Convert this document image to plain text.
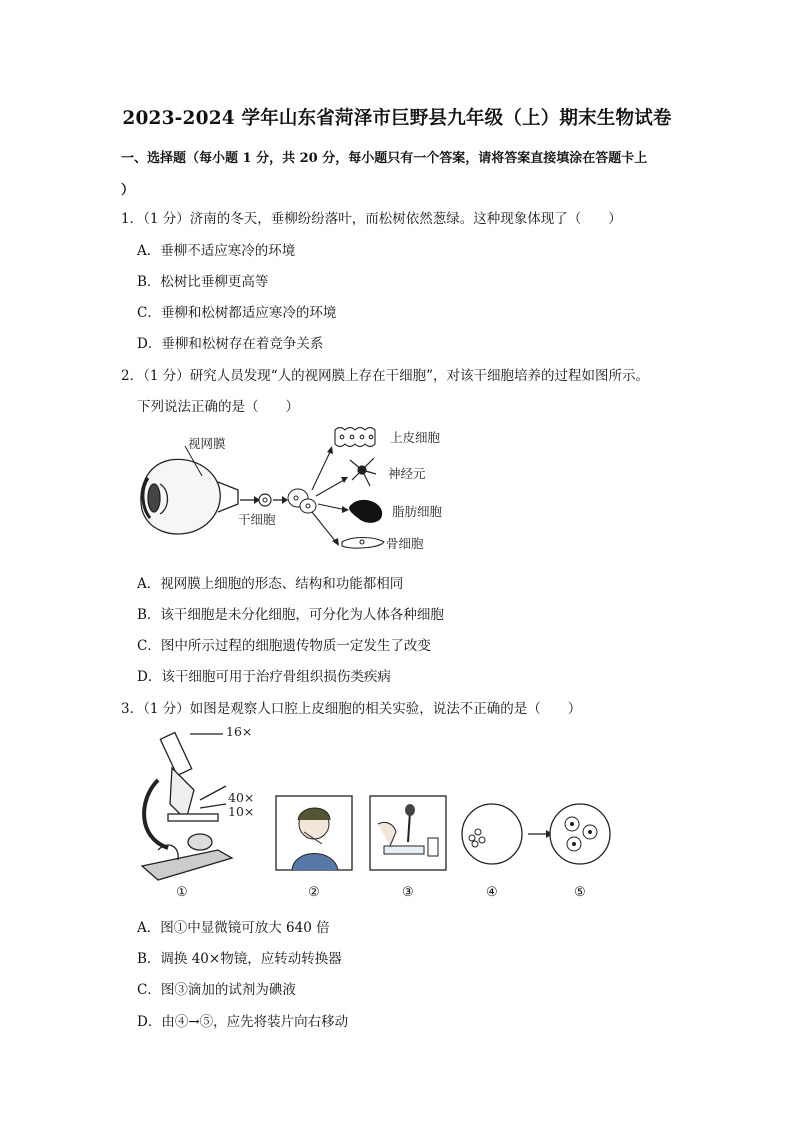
2023-2024 学年山东省菏泽市巨野县九年级（上）期末生物试卷
一、选择题（每小题 1 分，共 20 分，每小题只有一个答案，请将答案直接填涂在答题卡上
）
1．（1 分）济南的冬天，垂柳纷纷落叶，而松树依然葱绿。这种现象体现了（　　）
A．垂柳不适应寒冷的环境
B．松树比垂柳更高等
C．垂柳和松树都适应寒冷的环境
D．垂柳和松树存在着竞争关系
2．（1 分）研究人员发现“人的视网膜上存在干细胞”，对该干细胞培养的过程如图所示。
下列说法正确的是（　　）
视网膜
干细胞
上皮细胞
神经元
脂肪细胞
骨细胞
A．视网膜上细胞的形态、结构和功能都相同
B．该干细胞是未分化细胞，可分化为人体各种细胞
C．图中所示过程的细胞遗传物质一定发生了改变
D．该干细胞可用于治疗骨组织损伤类疾病
3．（1 分）如图是观察人口腔上皮细胞的相关实验，说法不正确的是（　　）
16×
40×
10×
①	②	③	④	⑤
A．图①中显微镜可放大 640 倍
B．调换 40×物镜，应转动转换器
C．图③滴加的试剂为碘液
D．由④→⑤，应先将装片向右移动
